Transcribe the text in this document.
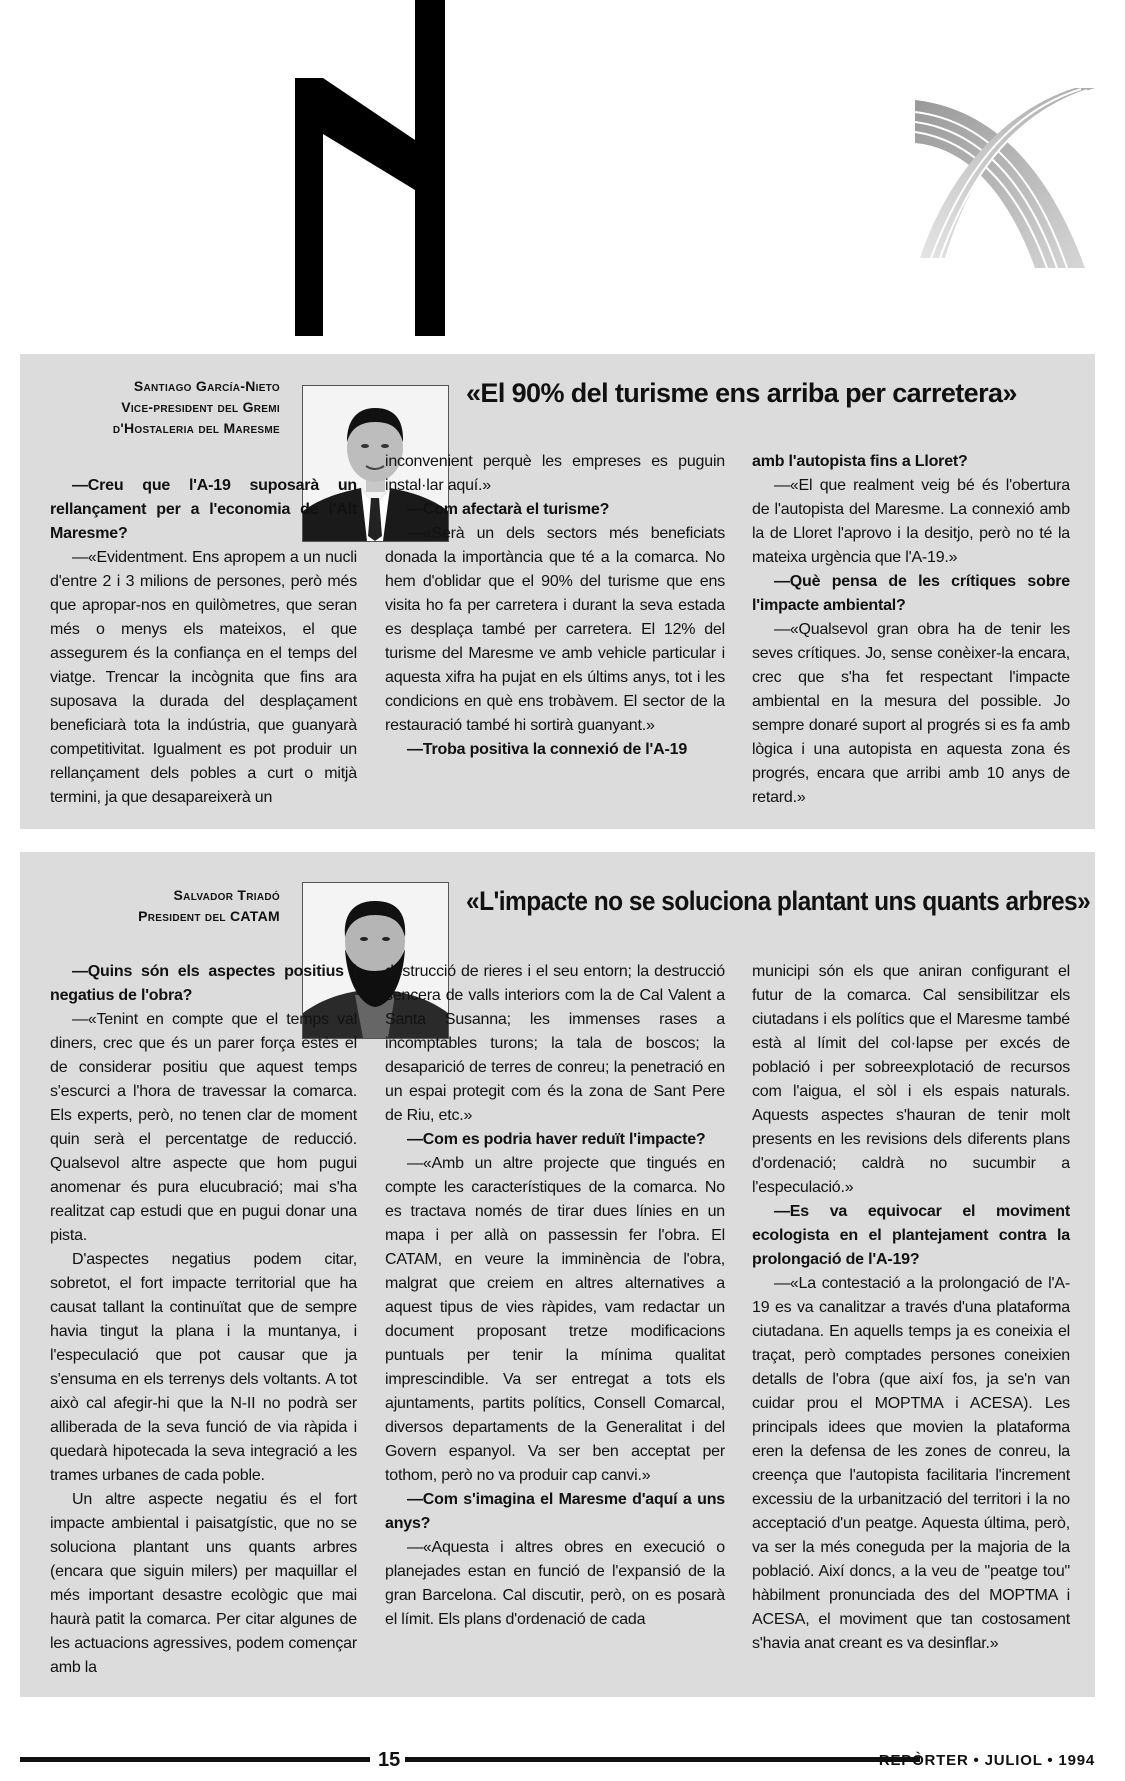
Santiago García-Nieto
Vice-president del Gremi
d'Hostaleria del Maresme
«El 90% del turisme ens arriba per carretera»

—Creu que l'A-19 suposarà un rellançament per a l'economia de l'Alt Maresme?

—«Evidentment. Ens apropem a un nucli d'entre 2 i 3 milions de persones, però més que apropar-nos en quilòmetres, que seran més o menys els mateixos, el que assegurem és la confiança en el temps del viatge. Trencar la incògnita que fins ara suposava la durada del desplaçament beneficiarà tota la indústria, que guanyarà competitivitat. Igualment es pot produir un rellançament dels pobles a curt o mitjà termini, ja que desapareixerà un

inconvenient perquè les empreses es puguin instal·lar aquí.»

—Com afectarà el turisme?

—«Serà un dels sectors més beneficiats donada la importància que té a la comarca. No hem d'oblidar que el 90% del turisme que ens visita ho fa per carretera i durant la seva estada es desplaça també per carretera. El 12% del turisme del Maresme ve amb vehicle particular i aquesta xifra ha pujat en els últims anys, tot i les condicions en què ens trobàvem. El sector de la restauració també hi sortirà guanyant.»

—Troba positiva la connexió de l'A-19

amb l'autopista fins a Lloret?

—«El que realment veig bé és l'obertura de l'autopista del Maresme. La connexió amb la de Lloret l'aprovo i la desitjo, però no té la mateixa urgència que l'A-19.»

—Què pensa de les crítiques sobre l'impacte ambiental?

—«Qualsevol gran obra ha de tenir les seves crítiques. Jo, sense conèixer-la encara, crec que s'ha fet respectant l'impacte ambiental en la mesura del possible. Jo sempre donaré suport al progrés si es fa amb lògica i una autopista en aquesta zona és progrés, encara que arribi amb 10 anys de retard.»

Salvador Triadó
President del CATAM	«L'impacte no se soluciona plantant uns quants arbres»

—Quins són els aspectes positius i negatius de l'obra?

—«Tenint en compte que el temps val diners, crec que és un parer força estès el de considerar positiu que aquest temps s'escurci a l'hora de travessar la comarca. Els experts, però, no tenen clar de moment quin serà el percentatge de reducció. Qualsevol altre aspecte que hom pugui anomenar és pura elucubració; mai s'ha realitzat cap estudi que en pugui donar una pista.

D'aspectes negatius podem citar, sobretot, el fort impacte territorial que ha causat tallant la continuïtat que de sempre havia tingut la plana i la muntanya, i l'especulació que pot causar que ja s'ensuma en els terrenys dels voltants. A tot això cal afegir-hi que la N-II no podrà ser alliberada de la seva funció de via ràpida i quedarà hipotecada la seva integració a les trames urbanes de cada poble.

Un altre aspecte negatiu és el fort impacte ambiental i paisatgístic, que no se soluciona plantant uns quants arbres (encara que siguin milers) per maquillar el més important desastre ecològic que mai haurà patit la comarca. Per citar algunes de les actuacions agressives, podem començar amb la

destrucció de rieres i el seu entorn; la destrucció sencera de valls interiors com la de Cal Valent a Santa Susanna; les immenses rases a incomptables turons; la tala de boscos; la desaparició de terres de conreu; la penetració en un espai protegit com és la zona de Sant Pere de Riu, etc.»

—Com es podria haver reduït l'impacte?

—«Amb un altre projecte que tingués en compte les característiques de la comarca. No es tractava només de tirar dues línies en un mapa i per allà on passessin fer l'obra. El CATAM, en veure la imminència de l'obra, malgrat que creiem en altres alternatives a aquest tipus de vies ràpides, vam redactar un document proposant tretze modificacions puntuals per tenir la mínima qualitat imprescindible. Va ser entregat a tots els ajuntaments, partits polítics, Consell Comarcal, diversos departaments de la Generalitat i del Govern espanyol. Va ser ben acceptat per tothom, però no va produir cap canvi.»

—Com s'imagina el Maresme d'aquí a uns anys?

—«Aquesta i altres obres en execució o planejades estan en funció de l'expansió de la gran Barcelona. Cal discutir, però, on es posarà el límit. Els plans d'ordenació de cada

municipi són els que aniran configurant el futur de la comarca. Cal sensibilitzar els ciutadans i els polítics que el Maresme també està al límit del col·lapse per excés de població i per sobreexplotació de recursos com l'aigua, el sòl i els espais naturals. Aquests aspectes s'hauran de tenir molt presents en les revisions dels diferents plans d'ordenació; caldrà no sucumbir a l'especulació.»

—Es va equivocar el moviment ecologista en el plantejament contra la prolongació de l'A-19?

—«La contestació a la prolongació de l'A-19 es va canalitzar a través d'una plataforma ciutadana. En aquells temps ja es coneixia el traçat, però comptades persones coneixien detalls de l'obra (que així fos, ja se'n van cuidar prou el MOPTMA i ACESA). Les principals idees que movien la plataforma eren la defensa de les zones de conreu, la creença que l'autopista facilitaria l'increment excessiu de la urbanització del territori i la no acceptació d'un peatge. Aquesta última, però, va ser la més coneguda per la majoria de la població. Així doncs, a la veu de "peatge tou" hàbilment pronunciada des del MOPTMA i ACESA, el moviment que tan costosament s'havia anat creant es va desinflar.»

15	REPÒRTER • JULIOL • 1994
